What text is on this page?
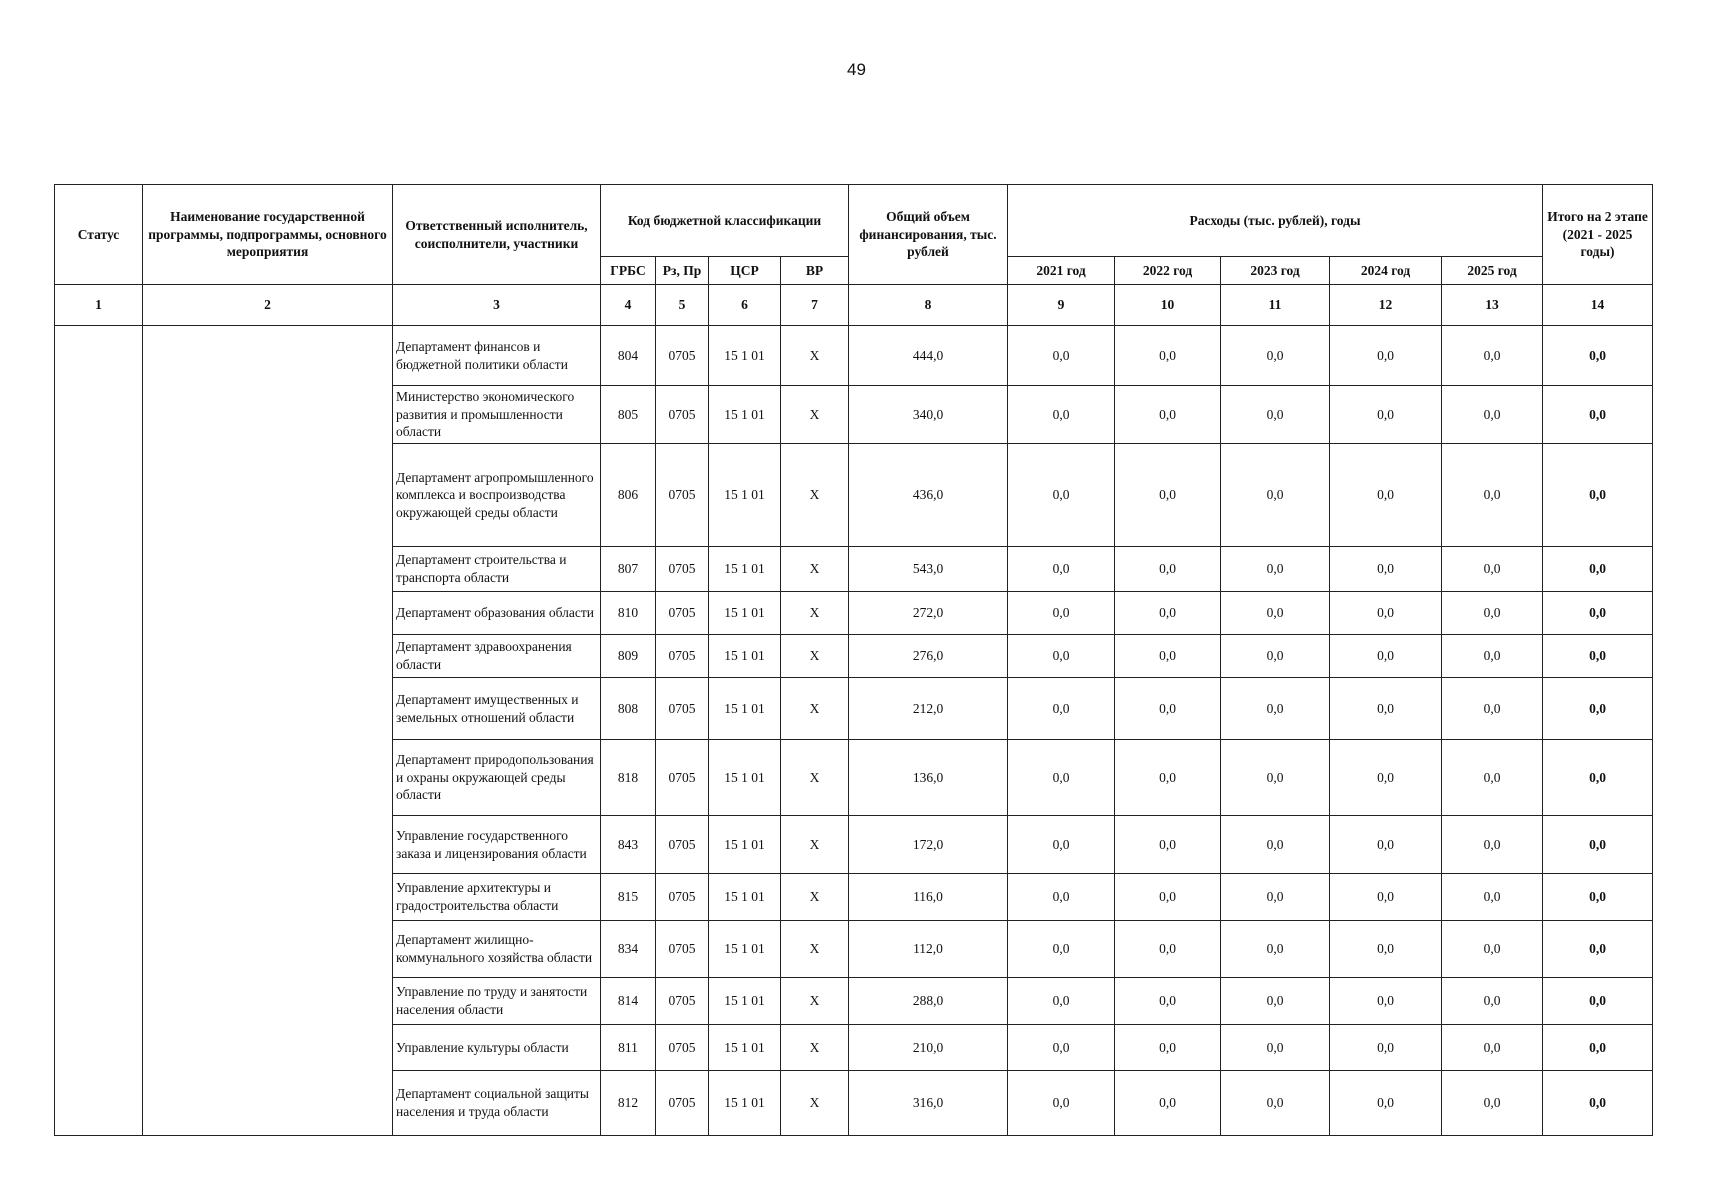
49
Статус	Наименование государственной программы, подпрограммы, основного мероприятия	Ответственный исполнитель, соисполнители, участники	Код бюджетной классификации				Общий объем финансирования, тыс. рублей	Расходы (тыс. рублей), годы					Итого на 2 этапе (2021 - 2025 годы)
			ГРБС	Рз, Пр	ЦСР	ВР		2021 год	2022 год	2023 год	2024 год	2025 год	
1	2	3	4	5	6	7	8	9	10	11	12	13	14
		Департамент финансов и бюджетной политики области	804	0705	15 1 01	X	444,0	0,0	0,0	0,0	0,0	0,0	0,0
		Министерство экономического развития и промышленности области	805	0705	15 1 01	X	340,0	0,0	0,0	0,0	0,0	0,0	0,0
		Департамент агропромышленного комплекса и воспроизводства окружающей среды области	806	0705	15 1 01	X	436,0	0,0	0,0	0,0	0,0	0,0	0,0
		Департамент строительства и транспорта области	807	0705	15 1 01	X	543,0	0,0	0,0	0,0	0,0	0,0	0,0
		Департамент образования области	810	0705	15 1 01	X	272,0	0,0	0,0	0,0	0,0	0,0	0,0
		Департамент здравоохранения области	809	0705	15 1 01	X	276,0	0,0	0,0	0,0	0,0	0,0	0,0
		Департамент имущественных и земельных отношений области	808	0705	15 1 01	X	212,0	0,0	0,0	0,0	0,0	0,0	0,0
		Департамент природопользования и охраны окружающей среды области	818	0705	15 1 01	X	136,0	0,0	0,0	0,0	0,0	0,0	0,0
		Управление государственного заказа и лицензирования области	843	0705	15 1 01	X	172,0	0,0	0,0	0,0	0,0	0,0	0,0
		Управление архитектуры и градостроительства области	815	0705	15 1 01	X	116,0	0,0	0,0	0,0	0,0	0,0	0,0
		Департамент жилищно-коммунального хозяйства области	834	0705	15 1 01	X	112,0	0,0	0,0	0,0	0,0	0,0	0,0
		Управление по труду и занятости населения области	814	0705	15 1 01	X	288,0	0,0	0,0	0,0	0,0	0,0	0,0
		Управление культуры области	811	0705	15 1 01	X	210,0	0,0	0,0	0,0	0,0	0,0	0,0
		Департамент социальной защиты населения и труда области	812	0705	15 1 01	X	316,0	0,0	0,0	0,0	0,0	0,0	0,0
